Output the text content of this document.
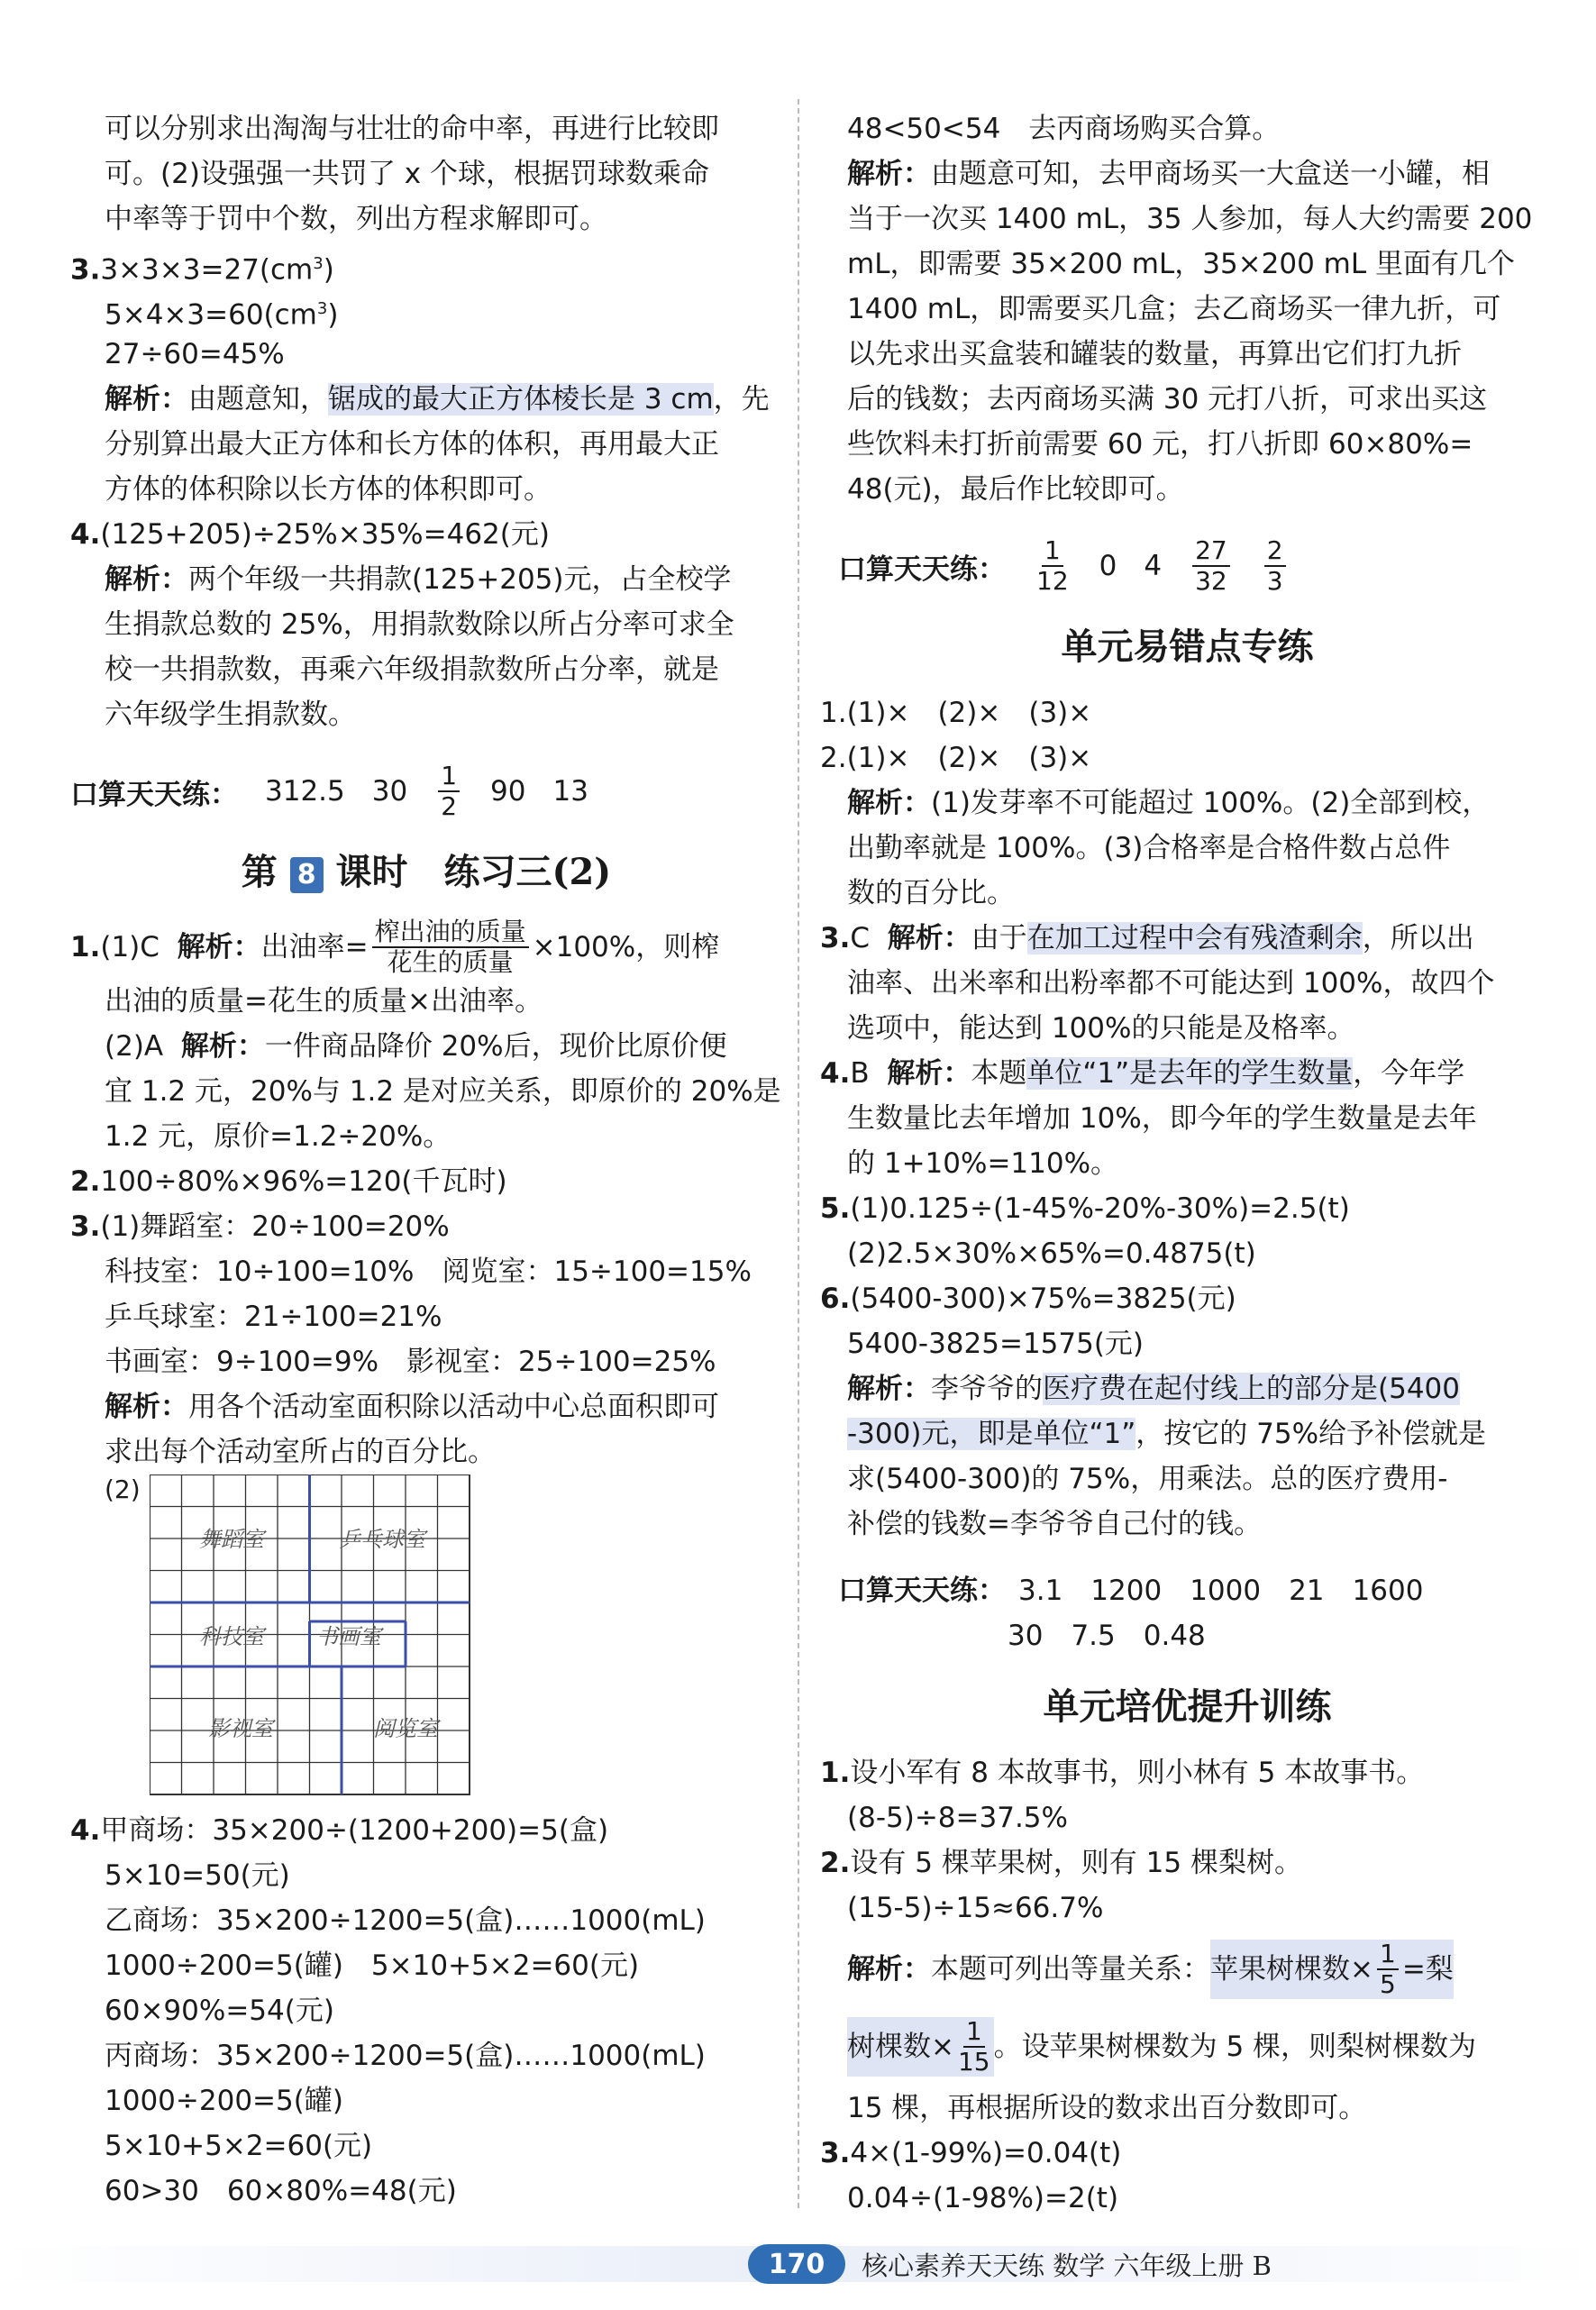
可以分别求出淘淘与壮壮的命中率，再进行比较即
可。(2)设强强一共罚了 x 个球，根据罚球数乘命
中率等于罚中个数，列出方程求解即可。
$3.3\times 3\times 3=27(cm^3)$
$5\times 4\times 3=60(cm^3)$
27÷60=45%
解析：由题意知，锯成的最大正方体棱长是 3 cm，先
分别算出最大正方体和长方体的体积，再用最大正
方体的体积除以长方体的体积即可。
4.(125+205)÷25%×35%=462(元)
解析：两个年级一共捐款(125+205)元，占全校学
生捐款总数的 25%，用捐款数除以所占分率可求全
校一共捐款数，再乘六年级捐款数所占分率，就是
六年级学生捐款数。
口算天天练： 312.5 30 1
2 90 13
第 8 课时　练习三(2)
1. (1)C
解析： 出油率= 榨出油的质量
花生的质量 ×100%，则榨
出油的质量=花生的质量×出油率。
(2)A 解析：一件商品降价 20%后，现价比原价便
宜 1.2 元，20%与 1.2 是对应关系，即原价的 20%是
1.2 元，原价=1.2÷20%。
2.100÷80%×96%=120(千瓦时)
3.(1)舞蹈室：20÷100=20%
科技室：10÷100=10%　 阅览室：15÷100=15%
乒乓球室：21÷100=21%
书画室：9÷100=9%　 影视室：25÷100=25%
解析：用各个活动室面积除以活动中心总面积即可
求出每个活动室所占的百分比。
(2)
舞蹈室	乒乓球室
科技室 书画室
影视室	阅览室
4.甲商场：35×200÷(1200+200)=5(盒)
5×10=50(元)
乙商场：35×200÷1200=5(盒)……1000(mL)
1000÷200=5(罐)　5×10+5×2=60(元)
60×90%=54(元)
丙商场：35×200÷1200=5(盒)……1000(mL)
1000÷200=5(罐)
5×10+5×2=60(元)
60>30　60×80%=48(元)
48<50<54　去丙商场购买合算。
解析：由题意可知，去甲商场买一大盒送一小罐，相
当于一次买 1400 mL，35 人参加，每人大约需要 200
mL，即需要 35×200 mL，35×200 mL 里面有几个
1400 mL，即需要买几盒；去乙商场买一律九折，可
以先求出买盒装和罐装的数量，再算出它们打九折
后的钱数；去丙商场买满 30 元打八折，可求出买这
些饮料未打折前需要 60 元，打八折即 60×80%=
48(元)，最后作比较即可。
口算天天练：
1
12 0 4 27
32
2
3
单元易错点专练
1.(1)×　(2)×　(3)×
2.(1)×　(2)×　(3)×
解析：(1)发芽率不可能超过 100%。(2)全部到校，
出勤率就是 100%。(3)合格率是合格件数占总件
数的百分比。
3.C 解析：由于在加工过程中会有残渣剩余，所以出
油率、出米率和出粉率都不可能达到 100%，故四个
选项中，能达到 100%的只能是及格率。
4.B 解析：本题单位“1”是去年的学生数量，今年学
生数量比去年增加 10%，即今年的学生数量是去年
的 1+10%=110%。
5.(1)0.125÷(1-45%-20%-30%)=2.5(t)
(2)2.5×30%×65%=0.4875(t)
6.(5400-300)×75%=3825(元)
5400-3825=1575(元)
解析：李爷爷的医疗费在起付线上的部分是(5400
-300)元，即是单位“1”，按它的 75%给予补偿就是
求(5400-300)的 75%，用乘法。总的医疗费用-
补偿的钱数=李爷爷自己付的钱。
口算天天练： 3.1　1200　1000　21　1600
30　7.5　0.48
单元培优提升训练
1.设小军有 8 本故事书，则小林有 5 本故事书。
(8-5)÷8=37.5%
2.设有 5 棵苹果树，则有 15 棵梨树。
(15-5)÷15≈66.7%
解析： 本题可列出等量关系： 苹果树棵数× $\frac{1}{5}$ =梨
树棵数× $\frac{1}{15}$ 。设苹果树棵数为 5 棵，则梨树棵数为
15 棵，再根据所设的数求出百分数即可。
3.4×(1-99%)=0.04(t)
0.04÷(1-98%)=2(t)
170	核心素养天天练 数学 六年级上册 B
